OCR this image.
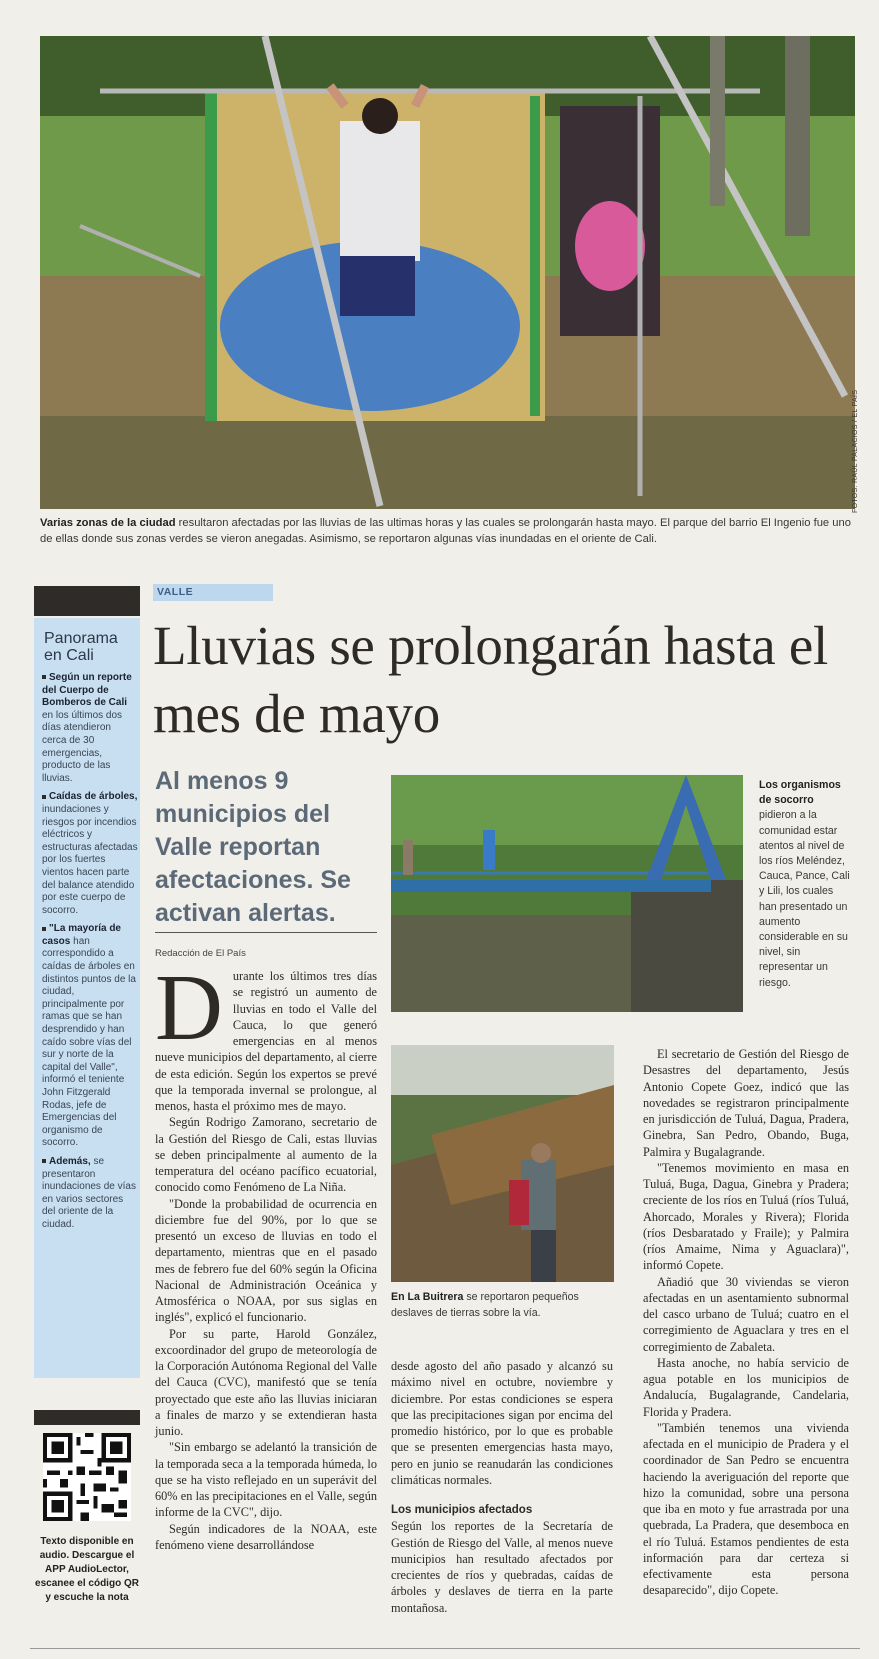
FOTOS: RAÚL PALACIOS / EL PAÍS
Varias zonas de la ciudad resultaron afectadas por las lluvias de las ultimas horas y las cuales se prolongarán hasta mayo. El parque del barrio El Ingenio fue uno de ellas donde sus zonas verdes se vieron anegadas. Asimismo, se reportaron algunas vías inundadas en el oriente de Cali.
Panorama en Cali
Según un reporte del Cuerpo de Bomberos de Cali en los últimos dos días atendieron cerca de 30 emergencias, producto de las lluvias.
Caídas de árboles, inundaciones y riesgos por incendios eléctricos y estructuras afectadas por los fuertes vientos hacen parte del balance atendido por este cuerpo de socorro.
"La mayoría de casos han correspondido a caídas de árboles en distintos puntos de la ciudad, principalmente por ramas que se han desprendido y han caído sobre vías del sur y norte de la capital del Valle", informó el teniente John Fitzgerald Rodas, jefe de Emergencias del organismo de socorro.
Además, se presentaron inundaciones de vías en varios sectores del oriente de la ciudad.
Texto disponible en audio. Descargue el APP AudioLector, escanee el código QR y escuche la nota
VALLE
Lluvias se prolongarán hasta el mes de mayo
Al menos 9 municipios del Valle reportan afectaciones. Se activan alertas.
Redacción de El País
Los organismos de socorro pidieron a la comunidad estar atentos al nivel de los ríos Meléndez, Cauca, Pance, Cali y Lili, los cuales han presentado un aumento considerable en su nivel, sin representar un riesgo.
En La Buitrera se reportaron pequeños deslaves de tierras sobre la vía.
D urante los últimos tres días se registró un aumento de lluvias en todo el Valle del Cauca, lo que generó emergencias en al menos nueve municipios del departamento, al cierre de esta edición. Según los expertos se prevé que la temporada invernal se prolongue, al menos, hasta el próximo mes de mayo.

Según Rodrigo Zamorano, secretario de la Gestión del Riesgo de Cali, estas lluvias se deben principalmente al aumento de la temperatura del océano pacífico ecuatorial, conocido como Fenómeno de La Niña.

"Donde la probabilidad de ocurrencia en diciembre fue del 90%, por lo que se presentó un exceso de lluvias en todo el departamento, mientras que en el pasado mes de febrero fue del 60% según la Oficina Nacional de Administración Oceánica y Atmosférica o NOAA, por sus siglas en inglés", explicó el funcionario.

Por su parte, Harold González, excoordinador del grupo de meteorología de la Corporación Autónoma Regional del Valle del Cauca (CVC), manifestó que se tenía proyectado que este año las lluvias iniciaran a finales de marzo y se extendieran hasta junio.

"Sin embargo se adelantó la transición de la temporada seca a la temporada húmeda, lo que se ha visto reflejado en un superávit del 60% en las precipitaciones en el Valle, según informe de la CVC", dijo.

Según indicadores de la NOAA, este fenómeno viene desarrollándose

desde agosto del año pasado y alcanzó su máximo nivel en octubre, noviembre y diciembre. Por estas condiciones se espera que las precipitaciones sigan por encima del promedio histórico, por lo que es probable que se presenten emergencias hasta mayo, pero en junio se reanudarán las condiciones climáticas normales.

Los municipios afectados

Según los reportes de la Secretaría de Gestión de Riesgo del Valle, al menos nueve municipios han resultado afectados por crecientes de ríos y quebradas, caídas de árboles y deslaves de tierra en la parte montañosa.

El secretario de Gestión del Riesgo de Desastres del departamento, Jesús Antonio Copete Goez, indicó que las novedades se registraron principalmente en jurisdicción de Tuluá, Dagua, Pradera, Ginebra, San Pedro, Obando, Buga, Palmira y Bugalagrande.

"Tenemos movimiento en masa en Tuluá, Buga, Dagua, Ginebra y Pradera; creciente de los ríos en Tuluá (ríos Tuluá, Ahorcado, Morales y Rivera); Florida (ríos Desbaratado y Fraile); y Palmira (ríos Amaime, Nima y Aguaclara)", informó Copete.

Añadió que 30 viviendas se vieron afectadas en un asentamiento subnormal del casco urbano de Tuluá; cuatro en el corregimiento de Aguaclara y tres en el corregimiento de Zabaleta.

Hasta anoche, no había servicio de agua potable en los municipios de Andalucía, Bugalagrande, Candelaria, Florida y Pradera.

"También tenemos una vivienda afectada en el municipio de Pradera y el coordinador de San Pedro se encuentra haciendo la averiguación del reporte que hizo la comunidad, sobre una persona que iba en moto y fue arrastrada por una quebrada, La Pradera, que desemboca en el río Tuluá. Estamos pendientes de esta información para dar certeza si efectivamente esta persona desaparecido", dijo Copete.
